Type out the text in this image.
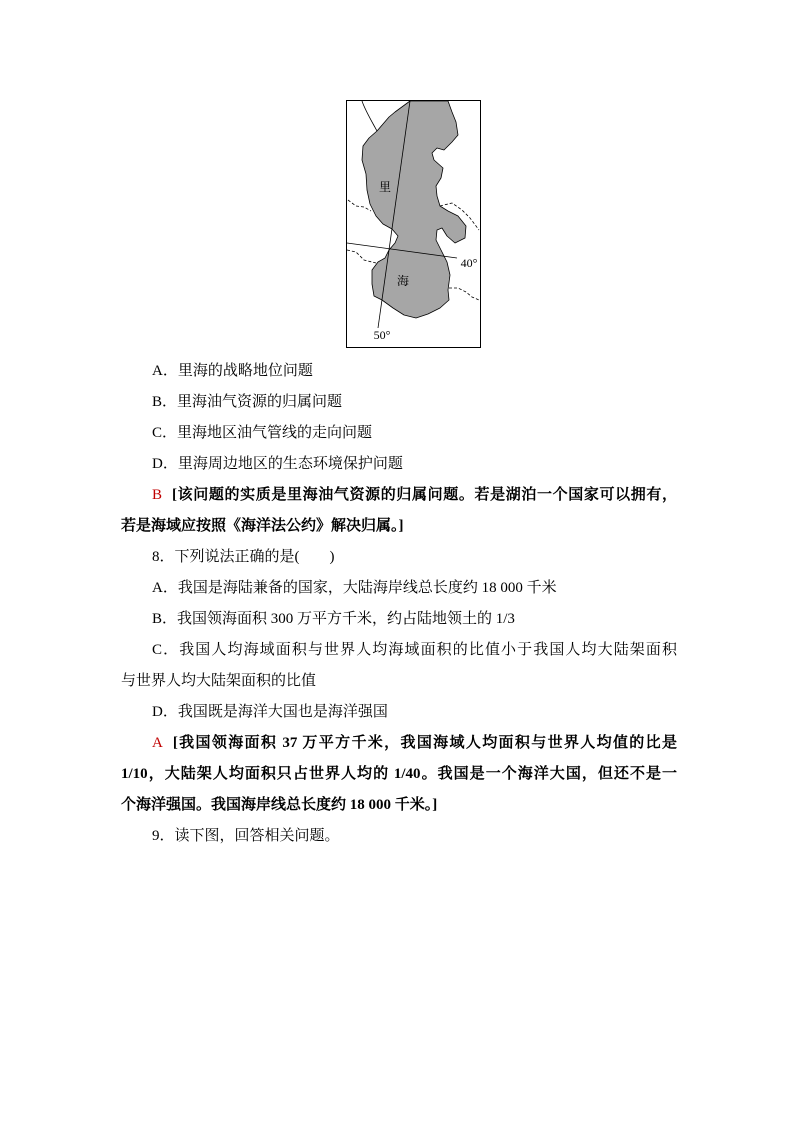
里
海
40°
50°
A．里海的战略地位问题
B．里海油气资源的归属问题
C．里海地区油气管线的走向问题
D．里海周边地区的生态环境保护问题
B [该问题的实质是里海油气资源的归属问题。若是湖泊一个国家可以拥有，
若是海域应按照《海洋法公约》解决归属。]
8．下列说法正确的是(　　)
A．我国是海陆兼备的国家，大陆海岸线总长度约 18 000 千米
B．我国领海面积 300 万平方千米，约占陆地领土的 1/3
C．我国人均海域面积与世界人均海域面积的比值小于我国人均大陆架面积
与世界人均大陆架面积的比值
D．我国既是海洋大国也是海洋强国
A [我国领海面积 37 万平方千米，我国海域人均面积与世界人均值的比是
1/10，大陆架人均面积只占世界人均的 1/40。我国是一个海洋大国，但还不是一
个海洋强国。我国海岸线总长度约 18 000 千米。]
9．读下图，回答相关问题。
